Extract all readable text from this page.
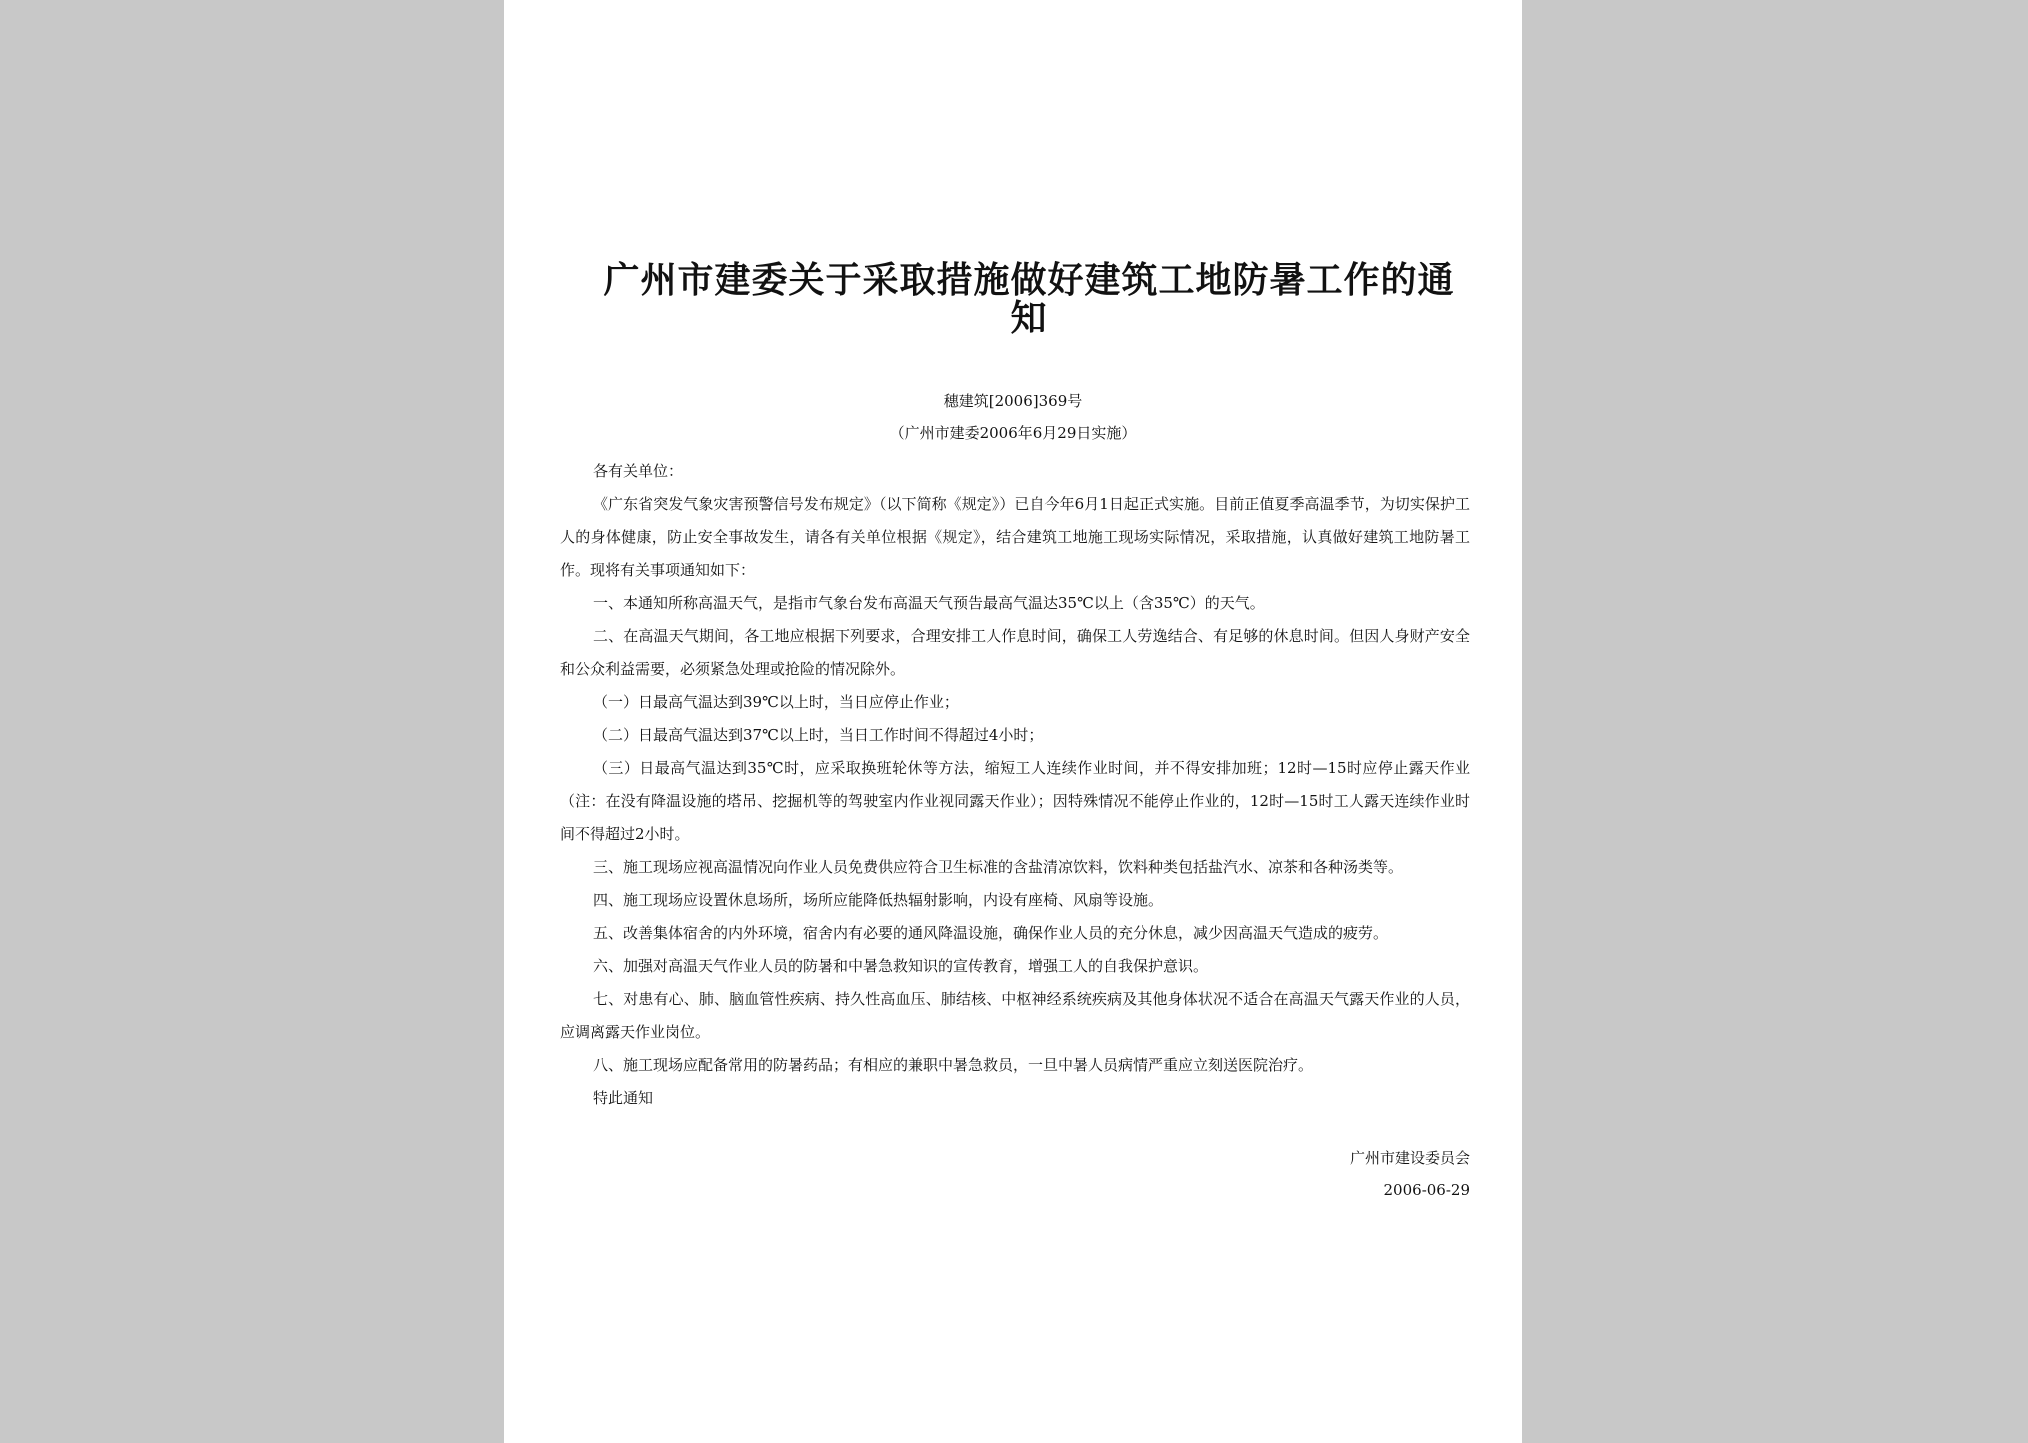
广州市建委关于采取措施做好建筑工地防暑工作的通知
穗建筑[2006]369号
（广州市建委2006年6月29日实施）

各有关单位：

《广东省突发气象灾害预警信号发布规定》（以下简称《规定》）已自今年6月1日起正式实施。目前正值夏季高温季节，为切实保护工人的身体健康，防止安全事故发生，请各有关单位根据《规定》，结合建筑工地施工现场实际情况，采取措施，认真做好建筑工地防暑工作。现将有关事项通知如下：

一、本通知所称高温天气，是指市气象台发布高温天气预告最高气温达35℃以上（含35℃）的天气。

二、在高温天气期间，各工地应根据下列要求，合理安排工人作息时间，确保工人劳逸结合、有足够的休息时间。但因人身财产安全和公众利益需要，必须紧急处理或抢险的情况除外。

（一）日最高气温达到39℃以上时，当日应停止作业；

（二）日最高气温达到37℃以上时，当日工作时间不得超过4小时；

（三）日最高气温达到35℃时，应采取换班轮休等方法，缩短工人连续作业时间，并不得安排加班；12时—15时应停止露天作业（注：在没有降温设施的塔吊、挖掘机等的驾驶室内作业视同露天作业）；因特殊情况不能停止作业的，12时—15时工人露天连续作业时间不得超过2小时。

三、施工现场应视高温情况向作业人员免费供应符合卫生标准的含盐清凉饮料，饮料种类包括盐汽水、凉茶和各种汤类等。

四、施工现场应设置休息场所，场所应能降低热辐射影响，内设有座椅、风扇等设施。

五、改善集体宿舍的内外环境，宿舍内有必要的通风降温设施，确保作业人员的充分休息，减少因高温天气造成的疲劳。

六、加强对高温天气作业人员的防暑和中暑急救知识的宣传教育，增强工人的自我保护意识。

七、对患有心、肺、脑血管性疾病、持久性高血压、肺结核、中枢神经系统疾病及其他身体状况不适合在高温天气露天作业的人员，应调离露天作业岗位。

八、施工现场应配备常用的防暑药品；有相应的兼职中暑急救员，一旦中暑人员病情严重应立刻送医院治疗。

特此通知

广州市建设委员会
2006-06-29
